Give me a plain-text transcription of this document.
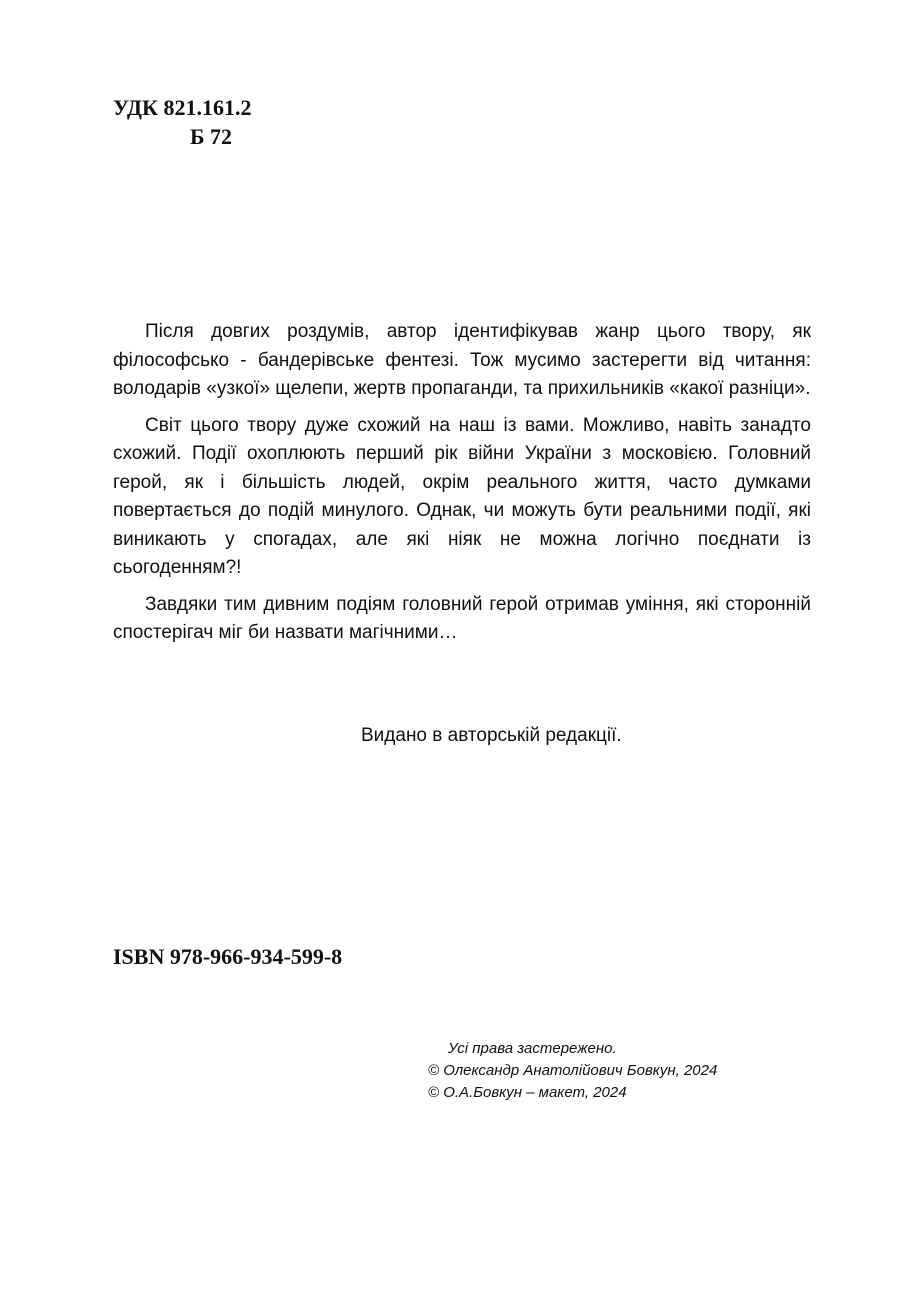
УДК 821.161.2
Б 72

Після довгих роздумів, автор ідентифікував жанр цього твору, як філософсько - бандерівське фентезі. Тож мусимо застерегти від читання: володарів «узкої» щелепи, жертв пропаганди, та прихильників «какої разніци».

Світ цього твору дуже схожий на наш із вами. Можливо, навіть занадто схожий. Події охоплюють перший рік війни України з московією. Головний герой, як і більшість людей, окрім реального життя, часто думками повертається до подій минулого. Однак, чи можуть бути реальними події, які виникають у спогадах, але які ніяк не можна логічно поєднати із сьогоденням?!

Завдяки тим дивним подіям головний герой отримав уміння, які сторонній спостерігач міг би назвати магічними…

Видано в авторській редакції.
ISBN 978-966-934-599-8
Усі права застережено.
© Олександр Анатолійович Бовкун, 2024
© О.А.Бовкун – макет, 2024
